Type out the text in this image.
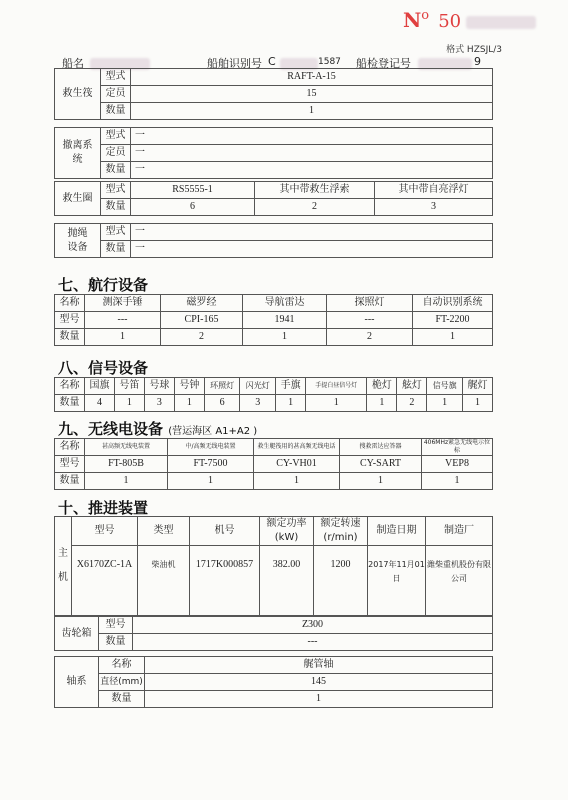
$N^o$ 50
格式 HZSJL/3
船名	船舶识别号 C	1587 船检登记号	9
救生筏	型式	RAFT-A-15
	定员	15
	数量	1
撤离系统	型式	一
	定员	一
	数量	一
救生圈	型式	RS5555-1	其中带救生浮索	其中带自亮浮灯
	数量	6	2	3
抛绳设备	型式	一
	数量	一
七、航行设备
名称	测深手锤	磁罗经	导航雷达	探照灯	自动识别系统
型号	---	CPI-165	1941	---	FT-2200
数量	1	2	1	2	1
八、信号设备
名称	国旗	号笛	号球	号钟	环照灯	闪光灯	手旗	手提白昼信号灯	桅灯	舷灯	信号旗	艉灯
数量	4	1	3	1	6	3	1	1	1	2	1	1
九、无线电设备 (营运海区 A1+A2 )
名称	甚高频无线电装置	中/高频无线电装置	救生艇筏用的甚高频无线电话	搜救雷达应答器	406MHz紧急无线电示位标
型号	FT-805B	FT-7500	CY-VH01	CY-SART	VEP8
数量	1	1	1	1	1
十、推进装置
主机	型号	类型	机号	额定功率(kW)	额定转速(r/min)	制造日期	制造厂
	X6170ZC-1A	柴油机	1717K000857	382.00	1200	2017年11月01日	潍柴重机股份有限公司
齿轮箱	型号	Z300
	数量	---
轴系	名称	艉管轴
	直径(mm)	145
	数量	1
